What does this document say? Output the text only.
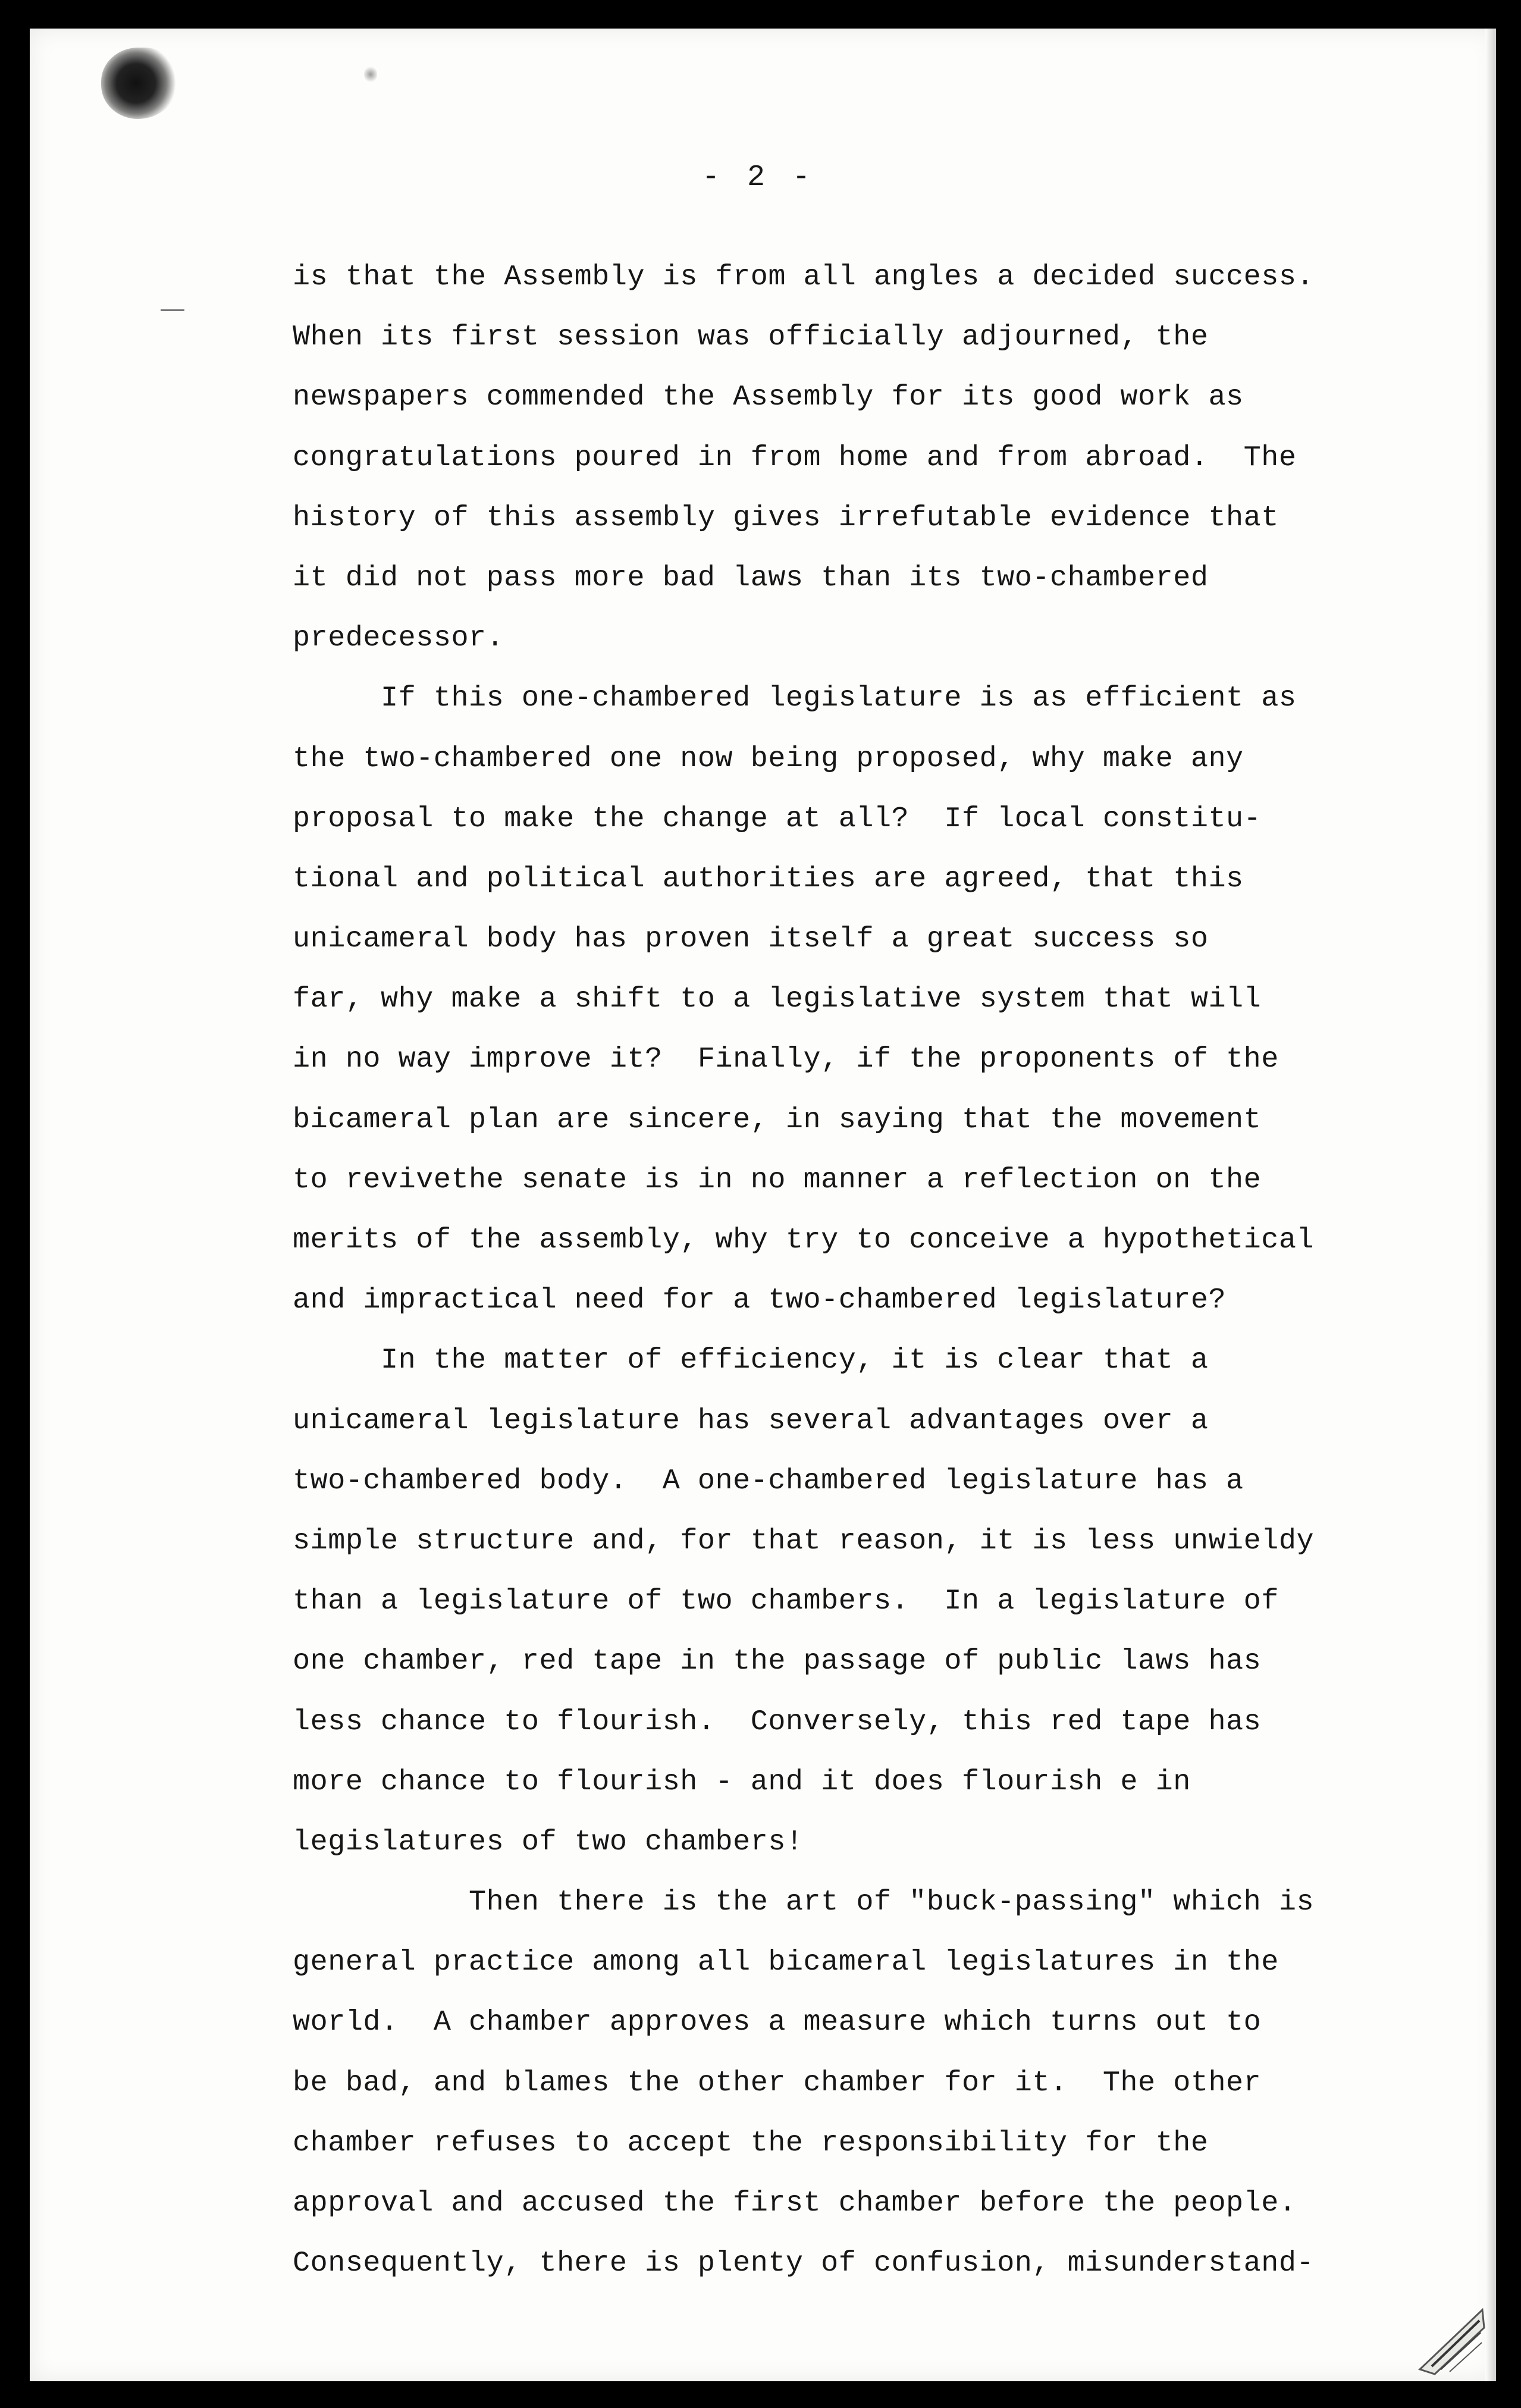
- 2 -
is that the Assembly is from all angles a decided success.
When its first session was officially adjourned, the
newspapers commended the Assembly for its good work as
congratulations poured in from home and from abroad.  The
history of this assembly gives irrefutable evidence that
it did not pass more bad laws than its two-chambered
predecessor.
If this one-chambered legislature is as efficient as
the two-chambered one now being proposed, why make any
proposal to make the change at all?  If local constitu-
tional and political authorities are agreed, that this
unicameral body has proven itself a great success so
far, why make a shift to a legislative system that will
in no way improve it?  Finally, if the proponents of the
bicameral plan are sincere, in saying that the movement
to revivethe senate is in no manner a reflection on the
merits of the assembly, why try to conceive a hypothetical
and impractical need for a two-chambered legislature?
In the matter of efficiency, it is clear that a
unicameral legislature has several advantages over a
two-chambered body.  A one-chambered legislature has a
simple structure and, for that reason, it is less unwieldy
than a legislature of two chambers.  In a legislature of
one chamber, red tape in the passage of public laws has
less chance to flourish.  Conversely, this red tape has
more chance to flourish - and it does flourish e in
legislatures of two chambers!
Then there is the art of "buck-passing" which is
general practice among all bicameral legislatures in the
world.  A chamber approves a measure which turns out to
be bad, and blames the other chamber for it.  The other
chamber refuses to accept the responsibility for the
approval and accused the first chamber before the people.
Consequently, there is plenty of confusion, misunderstand-
